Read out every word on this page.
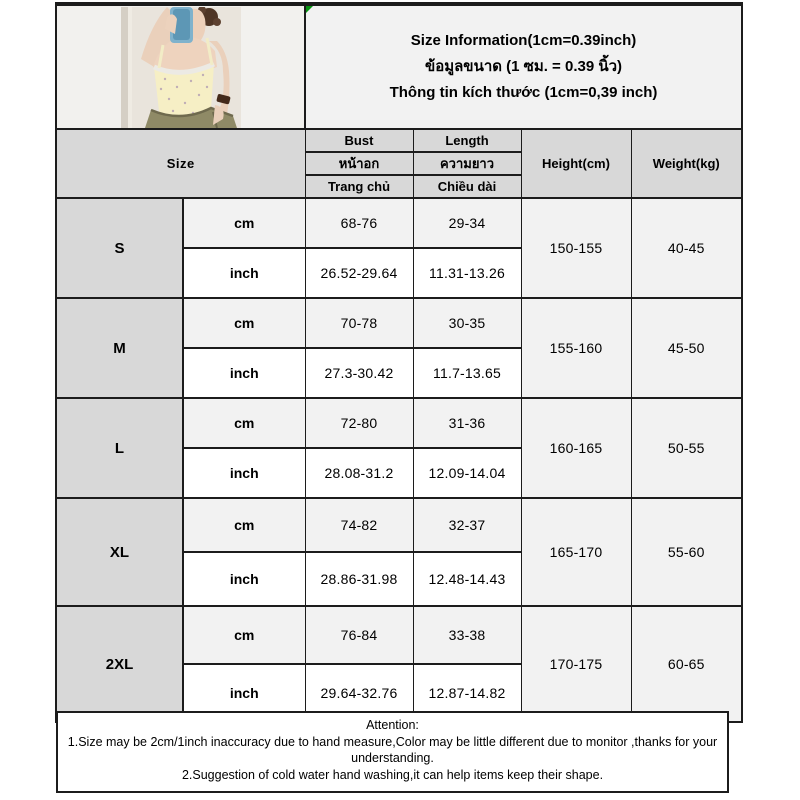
Size Information(1cm=0.39inch)
ข้อมูลขนาด (1 ซม. = 0.39 นิ้ว)
Thông tin kích thước (1cm=0,39 inch)			

Size		Bust	Length	Height(cm)	Weight(kg)
		หน้าอก	ความยาว		
		Trang chủ	Chiều dài		
S	cm	68-76	29-34	150-155	40-45
	inch	26.52-29.64	11.31-13.26		
M	cm	70-78	30-35	155-160	45-50
	inch	27.3-30.42	11.7-13.65		
L	cm	72-80	31-36	160-165	50-55
	inch	28.08-31.2	12.09-14.04		
XL	cm	74-82	32-37	165-170	55-60
	inch	28.86-31.98	12.48-14.43		
2XL	cm	76-84	33-38	170-175	60-65
	inch	29.64-32.76	12.87-14.82		
Attention:
1.Size may be 2cm/1inch inaccuracy due to hand measure,Color may be little different due to monitor ,thanks for your understanding.
2.Suggestion of cold water hand washing,it can help items keep their shape.
